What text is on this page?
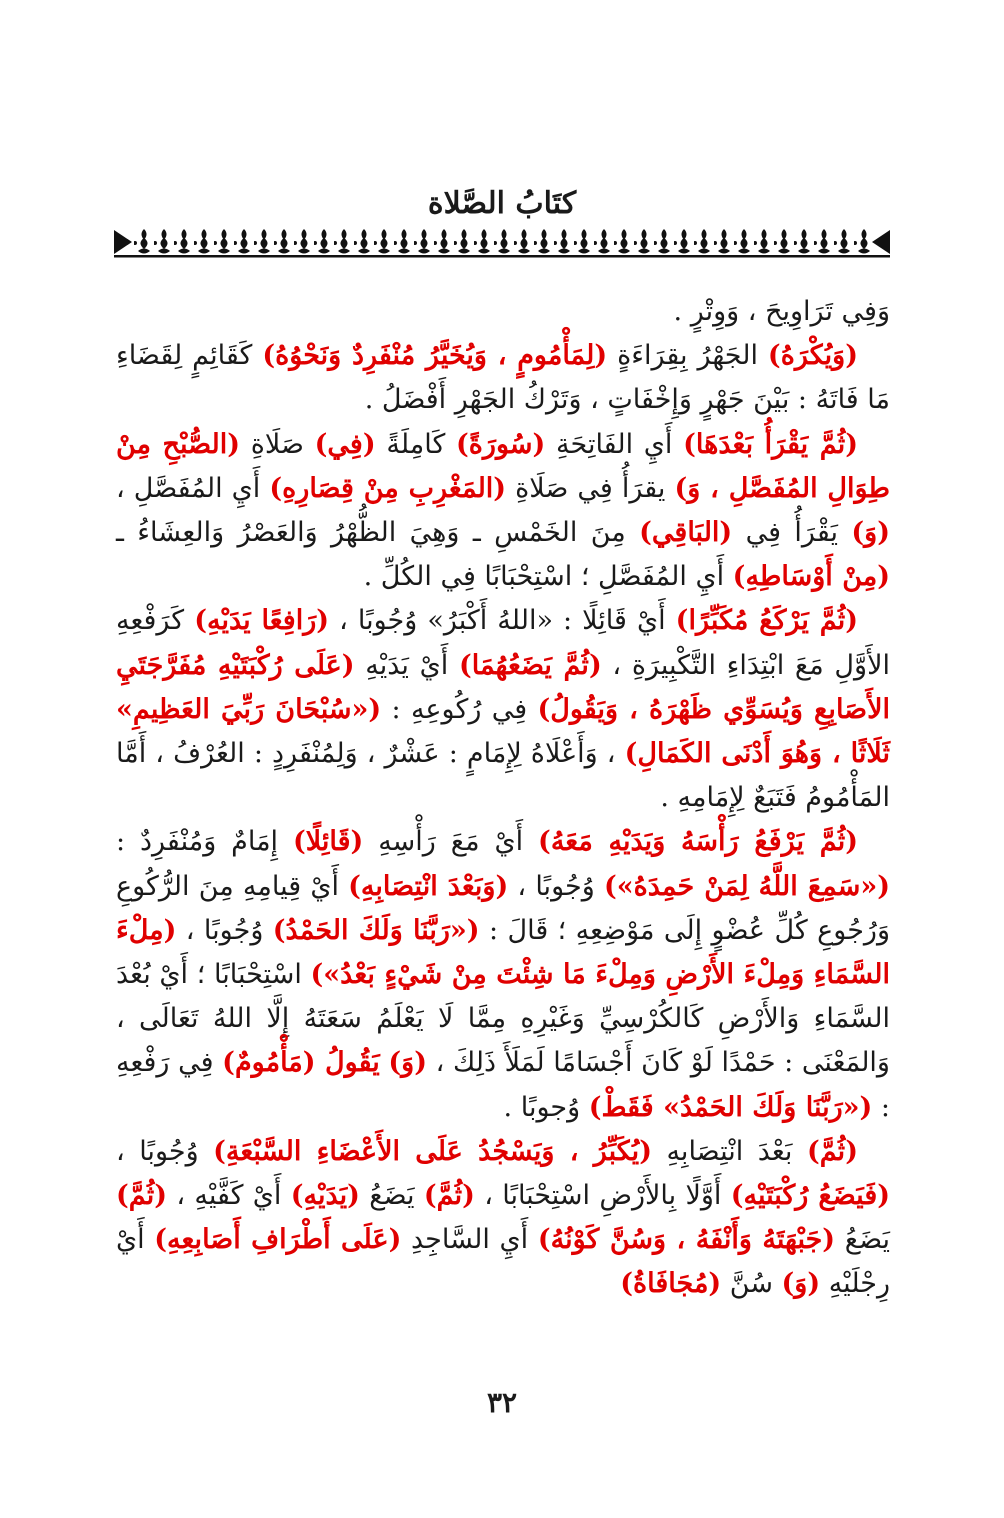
كتَابُ الصَّلاة

وَفِي تَرَاوِيحَ ، وَوِتْرٍ .

(وَيُكْرَهُ) الجَهْرُ بِقِرَاءَةٍ (لِمَأْمُومٍ ، وَيُخَيَّرُ مُنْفَرِدٌ وَنَحْوُهُ) كَقَائِمٍ لِقَضَاءِ مَا فَاتَهُ : بَيْنَ جَهْرٍ وَإِخْفَاتٍ ، وَتَرْكُ الجَهْرِ أَفْضَلُ .

(ثُمَّ يَقْرَأُ بَعْدَهَا) أَيِ الفَاتِحَةِ (سُورَةً) كَامِلَةً (فِي) صَلَاةِ (الصُّبْحِ مِنْ طِوَالِ المُفَصَّلِ ، وَ) يقرَأُ فِي صَلَاةِ (المَغْرِبِ مِنْ قِصَارِهِ) أَيِ المُفَصَّلِ ، (وَ) يَقْرَأُ فِي (البَاقِي) مِنَ الخَمْسِ ـ وَهِيَ الظُّهْرُ وَالعَصْرُ وَالعِشَاءُ ـ (مِنْ أَوْسَاطِهِ) أَيِ المُفَصَّلِ ؛ اسْتِحْبَابًا فِي الكُلِّ .

(ثُمَّ يَرْكَعُ مُكَبِّرًا) أَيْ قَائِلًا : «اللهُ أَكْبَرُ» وُجُوبًا ، (رَافِعًا يَدَيْهِ) كَرَفْعِهِ الأَوَّلِ مَعَ ابْتِدَاءِ التَّكْبِيرَةِ ، (ثُمَّ يَضَعُهُمَا) أَيْ يَدَيْهِ (عَلَى رُكْبَتَيْهِ مُفَرَّجَتَيِ الأَصَابِعِ وَيُسَوِّي ظَهْرَهُ ، وَيَقُولُ) فِي رُكُوعِهِ : («سُبْحَانَ رَبِّيَ العَظِيمِ» ثَلَاثًا ، وَهُوَ أَدْنَى الكَمَالِ) ، وَأَعْلَاهُ لِإِمَامٍ : عَشْرٌ ، وَلِمُنْفَرِدٍ : العُرْفُ ، أَمَّا المَأْمُومُ فَتَبَعٌ لِإِمَامِهِ .

(ثُمَّ يَرْفَعُ رَأْسَهُ وَيَدَيْهِ مَعَهُ) أَيْ مَعَ رَأْسِهِ (قَائِلًا) إِمَامٌ وَمُنْفَرِدٌ : («سَمِعَ اللَّهُ لِمَنْ حَمِدَهُ») وُجُوبًا ، (وَبَعْدَ انْتِصَابِهِ) أَيْ قِيامِهِ مِنَ الرُّكُوعِ وَرُجُوعِ كُلِّ عُضْوٍ إِلَى مَوْضِعِهِ ؛ قَالَ : («رَبَّنَا وَلَكَ الحَمْدُ) وُجُوبًا ، (مِلْءَ السَّمَاءِ وَمِلْءَ الأَرْضِ وَمِلْءَ مَا شِئْتَ مِنْ شَيْءٍ بَعْدُ») اسْتِحْبَابًا ؛ أَيْ بُعْدَ السَّمَاءِ وَالأَرْضِ كَالكُرْسِيِّ وَغَيْرِهِ مِمَّا لَا يَعْلَمُ سَعَتَهُ إِلَّا اللهُ تَعَالَى ، وَالمَعْنَى : حَمْدًا لَوْ كَانَ أَجْسَامًا لَمَلَأَ ذَلِكَ ، (وَ) يَقُولُ (مَأْمُومٌ) فِي رَفْعِهِ : («رَبَّنَا وَلَكَ الحَمْدُ» فَقَطْ) وُجوبًا .

(ثُمَّ) بَعْدَ انْتِصَابِهِ (يُكَبِّرُ ، وَيَسْجُدُ عَلَى الأَعْضَاءِ السَّبْعَةِ) وُجُوبًا ، (فَيَضَعُ رُكْبَتَيْهِ) أَوَّلًا بِالأَرْضِ اسْتِحْبَابًا ، (ثُمَّ) يَضَعُ (يَدَيْهِ) أَيْ كَفَّيْهِ ، (ثُمَّ) يَضَعُ (جَبْهَتَهُ وَأَنْفَهُ ، وَسُنَّ كَوْنُهُ) أَيِ السَّاجِدِ (عَلَى أَطْرَافِ أَصَابِعِهِ) أَيْ رِجْلَيْهِ (وَ) سُنَّ (مُجَافَاةُ)

٣٢
